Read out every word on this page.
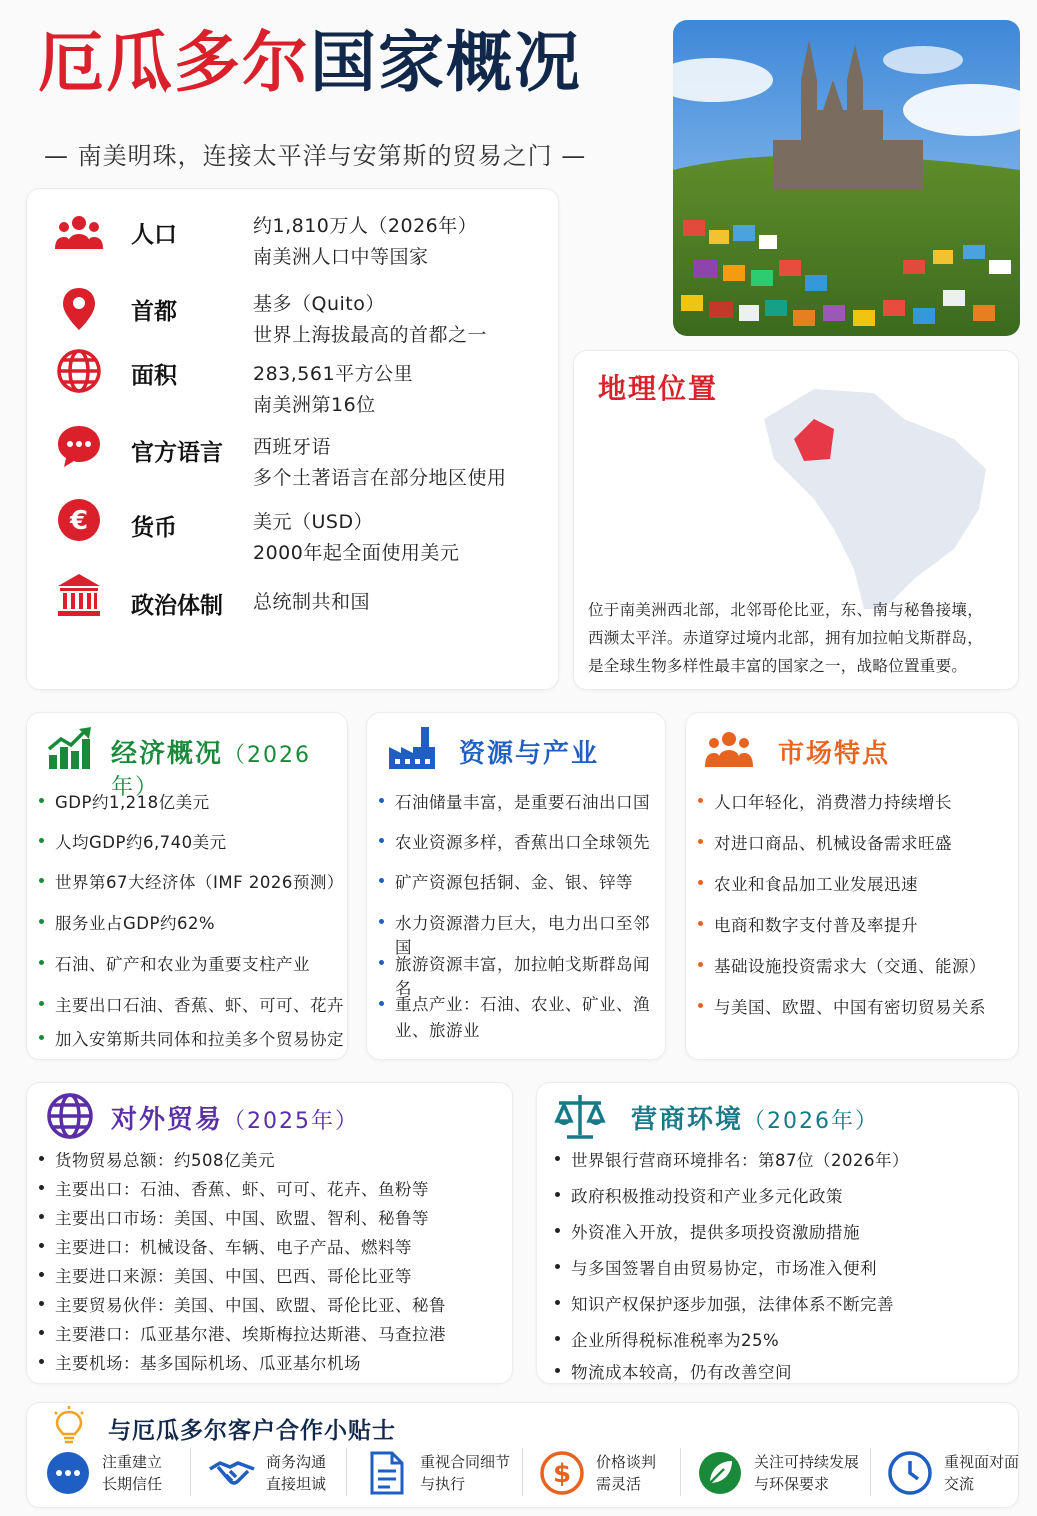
厄瓜多尔国家概况
— 南美明珠，连接太平洋与安第斯的贸易之门 —
人口	约1,810万人（2026年）
南美洲人口中等国家
首都	基多（Quito）
世界上海拔最高的首都之一
面积	283,561平方公里
南美洲第16位
官方语言 西班牙语
多个土著语言在部分地区使用
€ 货币	美元（USD）
2000年起全面使用美元
政治体制 总统制共和国
地理位置
位于南美洲西北部，北邻哥伦比亚，东、南与秘鲁接壤，
西濒太平洋。赤道穿过境内北部，拥有加拉帕戈斯群岛，
是全球生物多样性最丰富的国家之一，战略位置重要。
经济概况（2026年）
GDP约1,218亿美元
人均GDP约6,740美元
世界第67大经济体（IMF 2026预测）
服务业占GDP约62%
石油、矿产和农业为重要支柱产业
主要出口石油、香蕉、虾、可可、花卉
加入安第斯共同体和拉美多个贸易协定
资源与产业
石油储量丰富，是重要石油出口国
农业资源多样，香蕉出口全球领先
矿产资源包括铜、金、银、锌等
水力资源潜力巨大，电力出口至邻国
旅游资源丰富，加拉帕戈斯群岛闻名
重点产业：石油、农业、矿业、渔业、旅游业
市场特点
人口年轻化，消费潜力持续增长
对进口商品、机械设备需求旺盛
农业和食品加工业发展迅速
电商和数字支付普及率提升
基础设施投资需求大（交通、能源）
与美国、欧盟、中国有密切贸易关系
对外贸易（2025年）
货物贸易总额：约508亿美元
主要出口：石油、香蕉、虾、可可、花卉、鱼粉等
主要出口市场：美国、中国、欧盟、智利、秘鲁等
主要进口：机械设备、车辆、电子产品、燃料等
主要进口来源：美国、中国、巴西、哥伦比亚等
主要贸易伙伴：美国、中国、欧盟、哥伦比亚、秘鲁
主要港口：瓜亚基尔港、埃斯梅拉达斯港、马查拉港
主要机场：基多国际机场、瓜亚基尔机场
营商环境（2026年）
世界银行营商环境排名：第87位（2026年）
政府积极推动投资和产业多元化政策
外资准入开放，提供多项投资激励措施
与多国签署自由贸易协定，市场准入便利
知识产权保护逐步加强，法律体系不断完善
企业所得税标准税率为25%
物流成本较高，仍有改善空间
与厄瓜多尔客户合作小贴士
注重建立
长期信任
商务沟通
直接坦诚
重视合同细节
与执行	$ 价格谈判
需灵活
关注可持续发展
与环保要求
重视面对面
交流
